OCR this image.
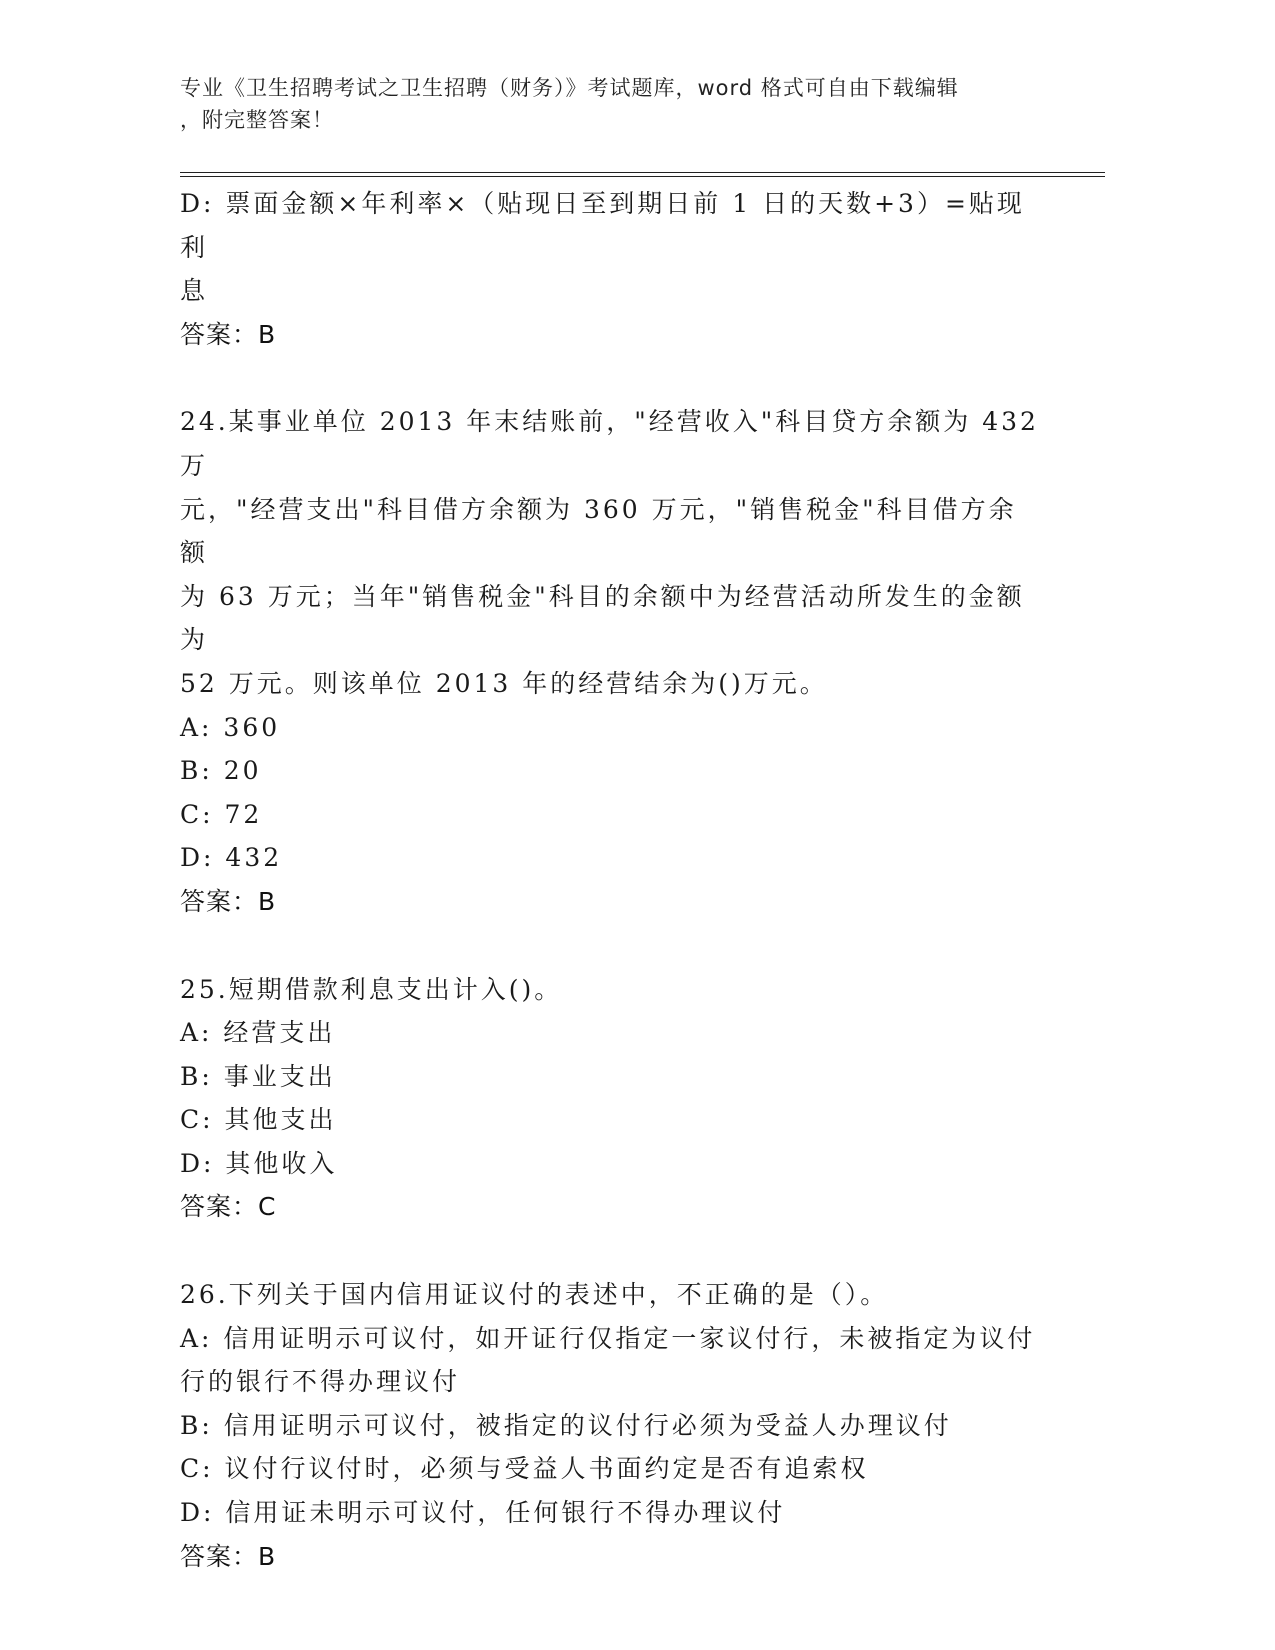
专业《卫生招聘考试之卫生招聘（财务）》考试题库，word 格式可自由下载编辑
，附完整答案！
D: 票面金额×年利率×（贴现日至到期日前 1 日的天数+3）=贴现利
息
答案：B
24.某事业单位 2013 年末结账前，"经营收入"科目贷方余额为 432 万
元，"经营支出"科目借方余额为 360 万元，"销售税金"科目借方余额
为 63 万元；当年"销售税金"科目的余额中为经营活动所发生的金额为
52 万元。则该单位 2013 年的经营结余为()万元。
A: 360
B: 20
C: 72
D: 432
答案：B
25.短期借款利息支出计入()。
A: 经营支出
B: 事业支出
C: 其他支出
D: 其他收入
答案：C
26.下列关于国内信用证议付的表述中，不正确的是（）。
A: 信用证明示可议付，如开证行仅指定一家议付行，未被指定为议付
行的银行不得办理议付
B: 信用证明示可议付，被指定的议付行必须为受益人办理议付
C: 议付行议付时，必须与受益人书面约定是否有追索权
D: 信用证未明示可议付，任何银行不得办理议付
答案：B
